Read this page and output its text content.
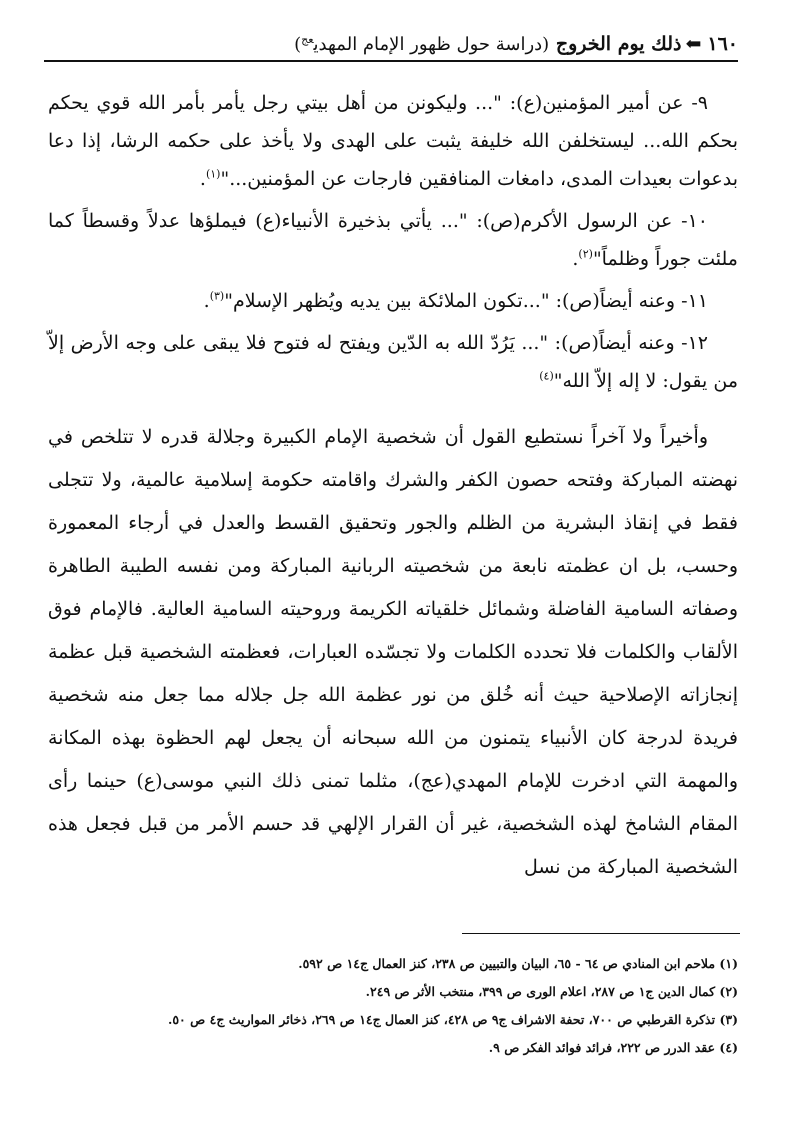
١٦٠⬅ذلك يوم الخروج (دراسة حول ظهور الإمام المهدي$^{عج}$)

٩- عن أمير المؤمنين(ع): "... وليكونن من أهل بيتي رجل يأمر بأمر الله قوي يحكم بحكم الله... ليستخلفن الله خليفة يثبت على الهدى ولا يأخذ على حكمه الرشا، إذا دعا بدعوات بعيدات المدى، دامغات المنافقين فارجات عن المؤمنين..."$^{(١)}$.

١٠- عن الرسول الأكرم(ص): "... يأتي بذخيرة الأنبياء(ع) فيملؤها عدلاً وقسطاً كما ملئت جوراً وظلماً"$^{(٢)}$.

١١- وعنه أيضاً(ص): "...تكون الملائكة بين يديه ويُظهر الإسلام"$^{(٣)}$.

١٢- وعنه أيضاً(ص): "... يَرُدّ الله به الدّين ويفتح له فتوح فلا يبقى على وجه الأرض إلاّ من يقول: لا إله إلاّ الله"$^{(٤)}$

وأخيراً ولا آخراً نستطيع القول أن شخصية الإمام الكبيرة وجلالة قدره لا تتلخص في نهضته المباركة وفتحه حصون الكفر والشرك واقامته حكومة إسلامية عالمية، ولا تتجلى فقط في إنقاذ البشرية من الظلم والجور وتحقيق القسط والعدل في أرجاء المعمورة وحسب، بل ان عظمته نابعة من شخصيته الربانية المباركة ومن نفسه الطيبة الطاهرة وصفاته السامية الفاضلة وشمائل خلقياته الكريمة وروحيته السامية العالية. فالإمام فوق الألقاب والكلمات فلا تحدده الكلمات ولا تجسّده العبارات، فعظمته الشخصية قبل عظمة إنجازاته الإصلاحية حيث أنه خُلق من نور عظمة الله جل جلاله مما جعل منه شخصية فريدة لدرجة كان الأنبياء يتمنون من الله سبحانه أن يجعل لهم الحظوة بهذه المكانة والمهمة التي ادخرت للإمام المهدي(عج)، مثلما تمنى ذلك النبي موسى(ع) حينما رأى المقام الشامخ لهذه الشخصية، غير أن القرار الإلهي قد حسم الأمر من قبل فجعل هذه الشخصية المباركة من نسل

(١) ملاحم ابن المنادي ص ٦٤ - ٦٥، البيان والتبيين ص ٢٣٨، كنز العمال ج١٤ ص ٥٩٢.
(٢) كمال الدين ج١ ص ٢٨٧، اعلام الورى ص ٣٩٩، منتخب الأثر ص ٢٤٩.
(٣) تذكرة القرطبي ص ٧٠٠، تحفة الاشراف ج٩ ص ٤٢٨، كنز العمال ج١٤ ص ٢٦٩، ذخائر المواريث ج٤ ص ٥٠.
(٤) عقد الدرر ص ٢٢٢، فرائد فوائد الفكر ص ٩.
